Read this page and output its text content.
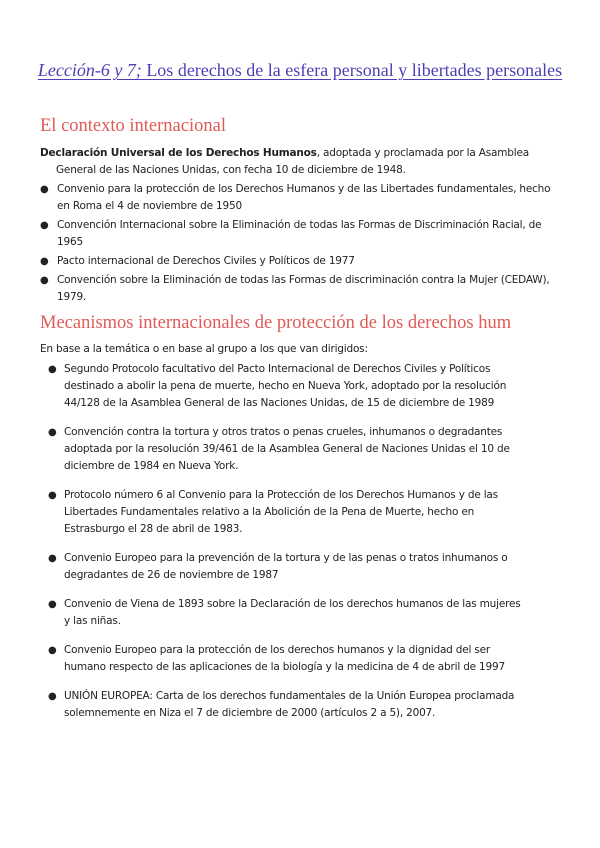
Lección-6 y 7; Los derechos de la esfera personal y libertades personales
El contexto internacional
Declaración Universal de los Derechos Humanos, adoptada y proclamada por la Asamblea
General de las Naciones Unidas, con fecha 10 de diciembre de 1948.
● Convenio para la protección de los Derechos Humanos y de las Libertades fundamentales, hecho en Roma el 4 de noviembre de 1950
● Convención Internacional sobre la Eliminación de todas las Formas de Discriminación Racial, de 1965
● Pacto internacional de Derechos Civiles y Políticos de 1977
● Convención sobre la Eliminación de todas las Formas de discriminación contra la Mujer (CEDAW), 1979.
Mecanismos internacionales de protección de los derechos hum
En base a la temática o en base al grupo a los que van dirigidos:
● Segundo Protocolo facultativo del Pacto Internacional de Derechos Civiles y Políticos destinado a abolir la pena de muerte, hecho en Nueva York, adoptado por la resolución 44/128 de la Asamblea General de las Naciones Unidas, de 15 de diciembre de 1989
● Convención contra la tortura y otros tratos o penas crueles, inhumanos o degradantes adoptada por la resolución 39/461 de la Asamblea General de Naciones Unidas el 10 de diciembre de 1984 en Nueva York.
● Protocolo número 6 al Convenio para la Protección de los Derechos Humanos y de las Libertades Fundamentales relativo a la Abolición de la Pena de Muerte, hecho en Estrasburgo el 28 de abril de 1983.
● Convenio Europeo para la prevención de la tortura y de las penas o tratos inhumanos o degradantes de 26 de noviembre de 1987
● Convenio de Viena de 1893 sobre la Declaración de los derechos humanos de las mujeres y las niñas.
● Convenio Europeo para la protección de los derechos humanos y la dignidad del ser humano respecto de las aplicaciones de la biología y la medicina de 4 de abril de 1997
● UNIÓN EUROPEA: Carta de los derechos fundamentales de la Unión Europea proclamada solemnemente en Niza el 7 de diciembre de 2000 (artículos 2 a 5), 2007.
